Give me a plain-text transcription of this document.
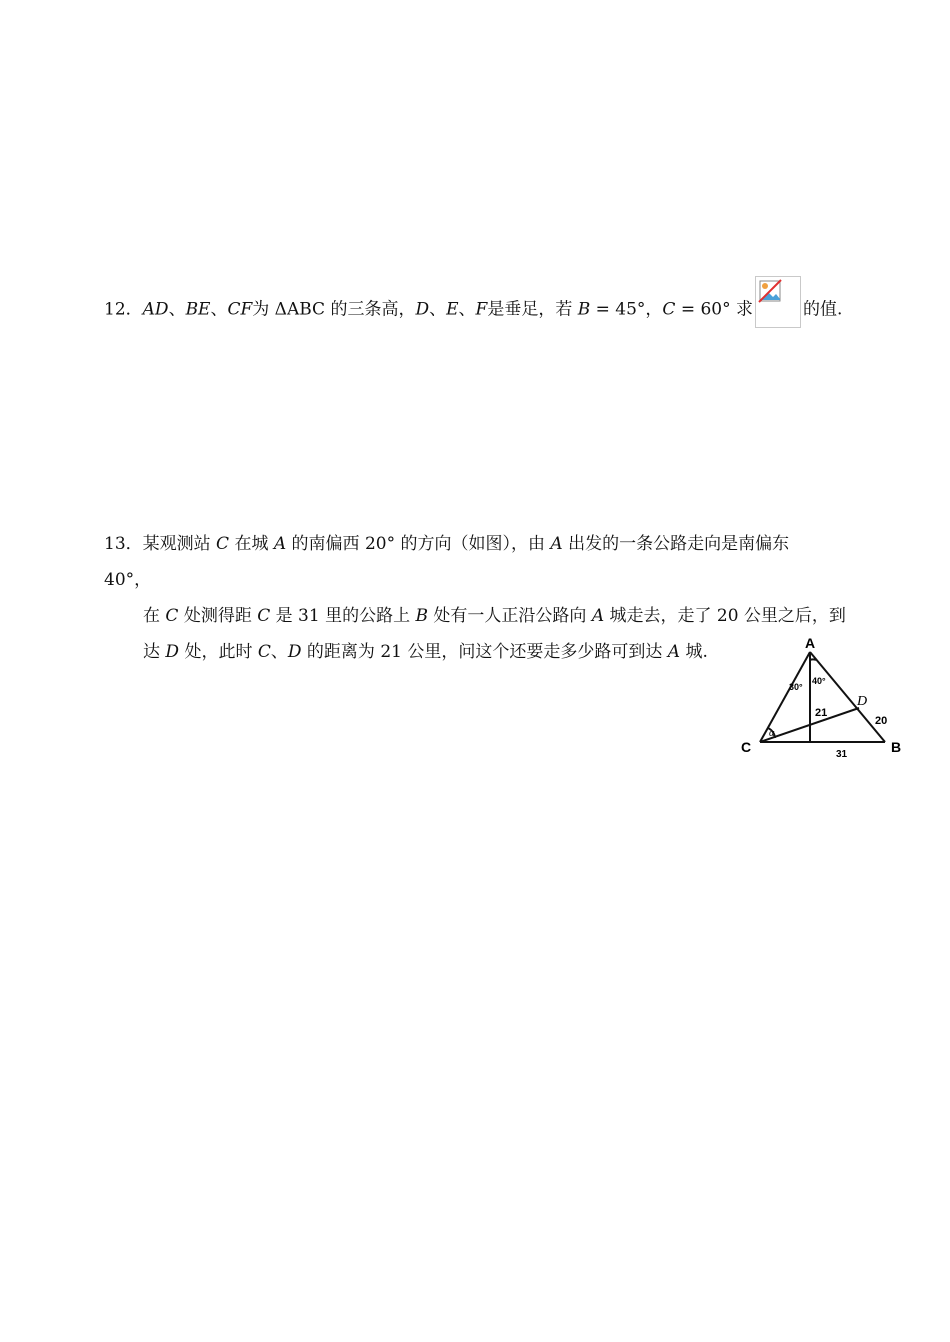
12．AD、BE、CF为 ΔABC 的三条高，D、E、F是垂足，若 B = 45°，C = 60° 求	的值.
13．某观测站 C 在城 A 的南偏西 20° 的方向（如图），由 A 出发的一条公路走向是南偏东
40°，
在 C 处测得距 C 是 31 里的公路上 B 处有一人正沿公路向 A 城走去，走了 20 公里之后，到
达 D 处，此时 C、D 的距离为 21 公里，问这个还要走多少路可到达 A 城.	A
B
C
D
30°
40°
21
20
31
α
